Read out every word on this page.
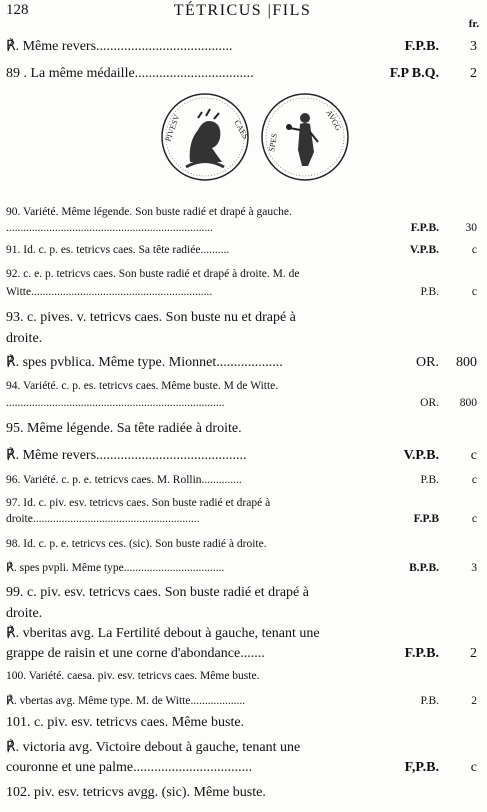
128	TÉTRICUS |FILS
fr.
℟. Même revers.......................................	F.P.B. 3
89 . La même médaille..................................	F.P B.Q. 2
PIVESV	CAES
SPES
AVGG
90. Variété. Même légende. Son buste radié et drapé à gauche.
........................................................................	F.P.B. 30
91. Id. c. p. es. tetricvs caes. Sa tête radiée..........	V.P.B.	c
92. c. e. p. tetricvs caes. Son buste radié et drapé à droite. M. de
Witte...............................................................	P.B.	c
93. c. pives. v. tetricvs caes. Son buste nu et drapé à
droite.
℟. spes pvblica. Même type. Mionnet...................	OR. 800
94. Variété. c. p. es. tetricvs caes. Même buste. M de Witte.
............................................................................	OR. 800
95. Même légende. Sa tête radiée à droite.
℟. Même revers...........................................	V.P.B. c
96. Variété. c. p. e. tetricvs caes. M. Rollin..............	P.B.	c
97. Id. c. piv. esv. tetricvs caes. Son buste radié et drapé à
droite..........................................................	F.P.B	c
98. Id. c. p. e. tetricvs ces. (sic). Son buste radié à droite.
℟. spes pvpli. Même type...................................	B.P.B.	3
99. c. piv. esv. tetricvs caes. Son buste radié et drapé à
droite.
℟. vberitas avg. La Fertilité debout à gauche, tenant une
grappe de raisin et une corne d'abondance.......	F.P.B. 2
100. Variété. caesa. piv. esv. tetricvs caes. Même buste.
℟. vbertas avg. Même type. M. de Witte...................	P.B.	2
101. c. piv. esv. tetricvs caes. Même buste.
℟. victoria avg. Victoire debout à gauche, tenant une
couronne et une palme..................................	F,P.B. c
102. piv. esv. tetricvs avgg. (sic). Même buste.
